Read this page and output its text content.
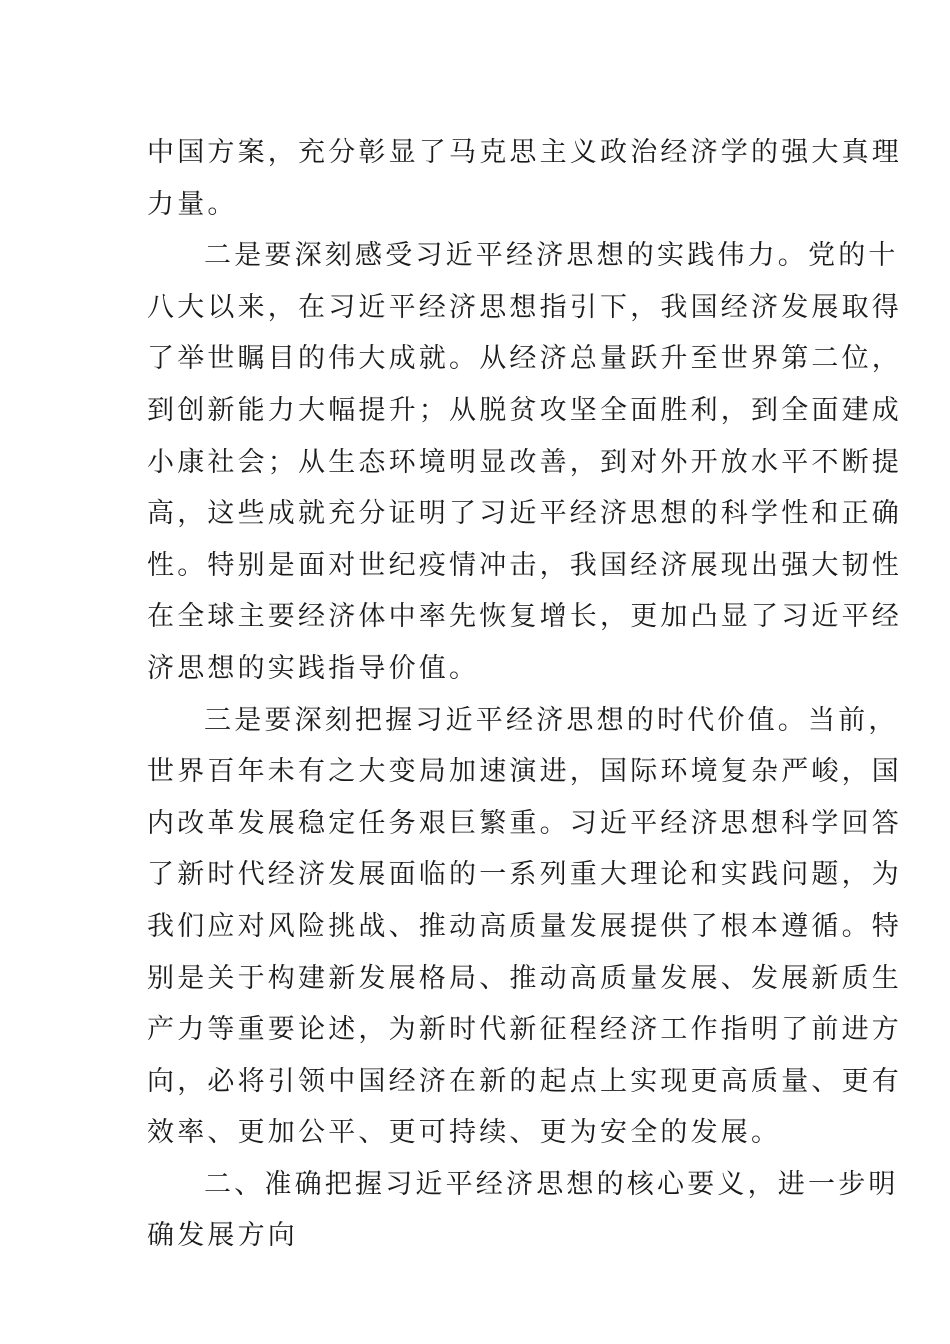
中国方案，充分彰显了马克思主义政治经济学的强大真理
力量。
二是要深刻感受习近平经济思想的实践伟力。党的十
八大以来，在习近平经济思想指引下，我国经济发展取得
了举世瞩目的伟大成就。从经济总量跃升至世界第二位，
到创新能力大幅提升；从脱贫攻坚全面胜利，到全面建成
小康社会；从生态环境明显改善，到对外开放水平不断提
高，这些成就充分证明了习近平经济思想的科学性和正确
性。特别是面对世纪疫情冲击，我国经济展现出强大韧性
在全球主要经济体中率先恢复增长，更加凸显了习近平经
济思想的实践指导价值。
三是要深刻把握习近平经济思想的时代价值。当前，
世界百年未有之大变局加速演进，国际环境复杂严峻，国
内改革发展稳定任务艰巨繁重。习近平经济思想科学回答
了新时代经济发展面临的一系列重大理论和实践问题，为
我们应对风险挑战、推动高质量发展提供了根本遵循。特
别是关于构建新发展格局、推动高质量发展、发展新质生
产力等重要论述，为新时代新征程经济工作指明了前进方
向，必将引领中国经济在新的起点上实现更高质量、更有
效率、更加公平、更可持续、更为安全的发展。
二、准确把握习近平经济思想的核心要义，进一步明
确发展方向
